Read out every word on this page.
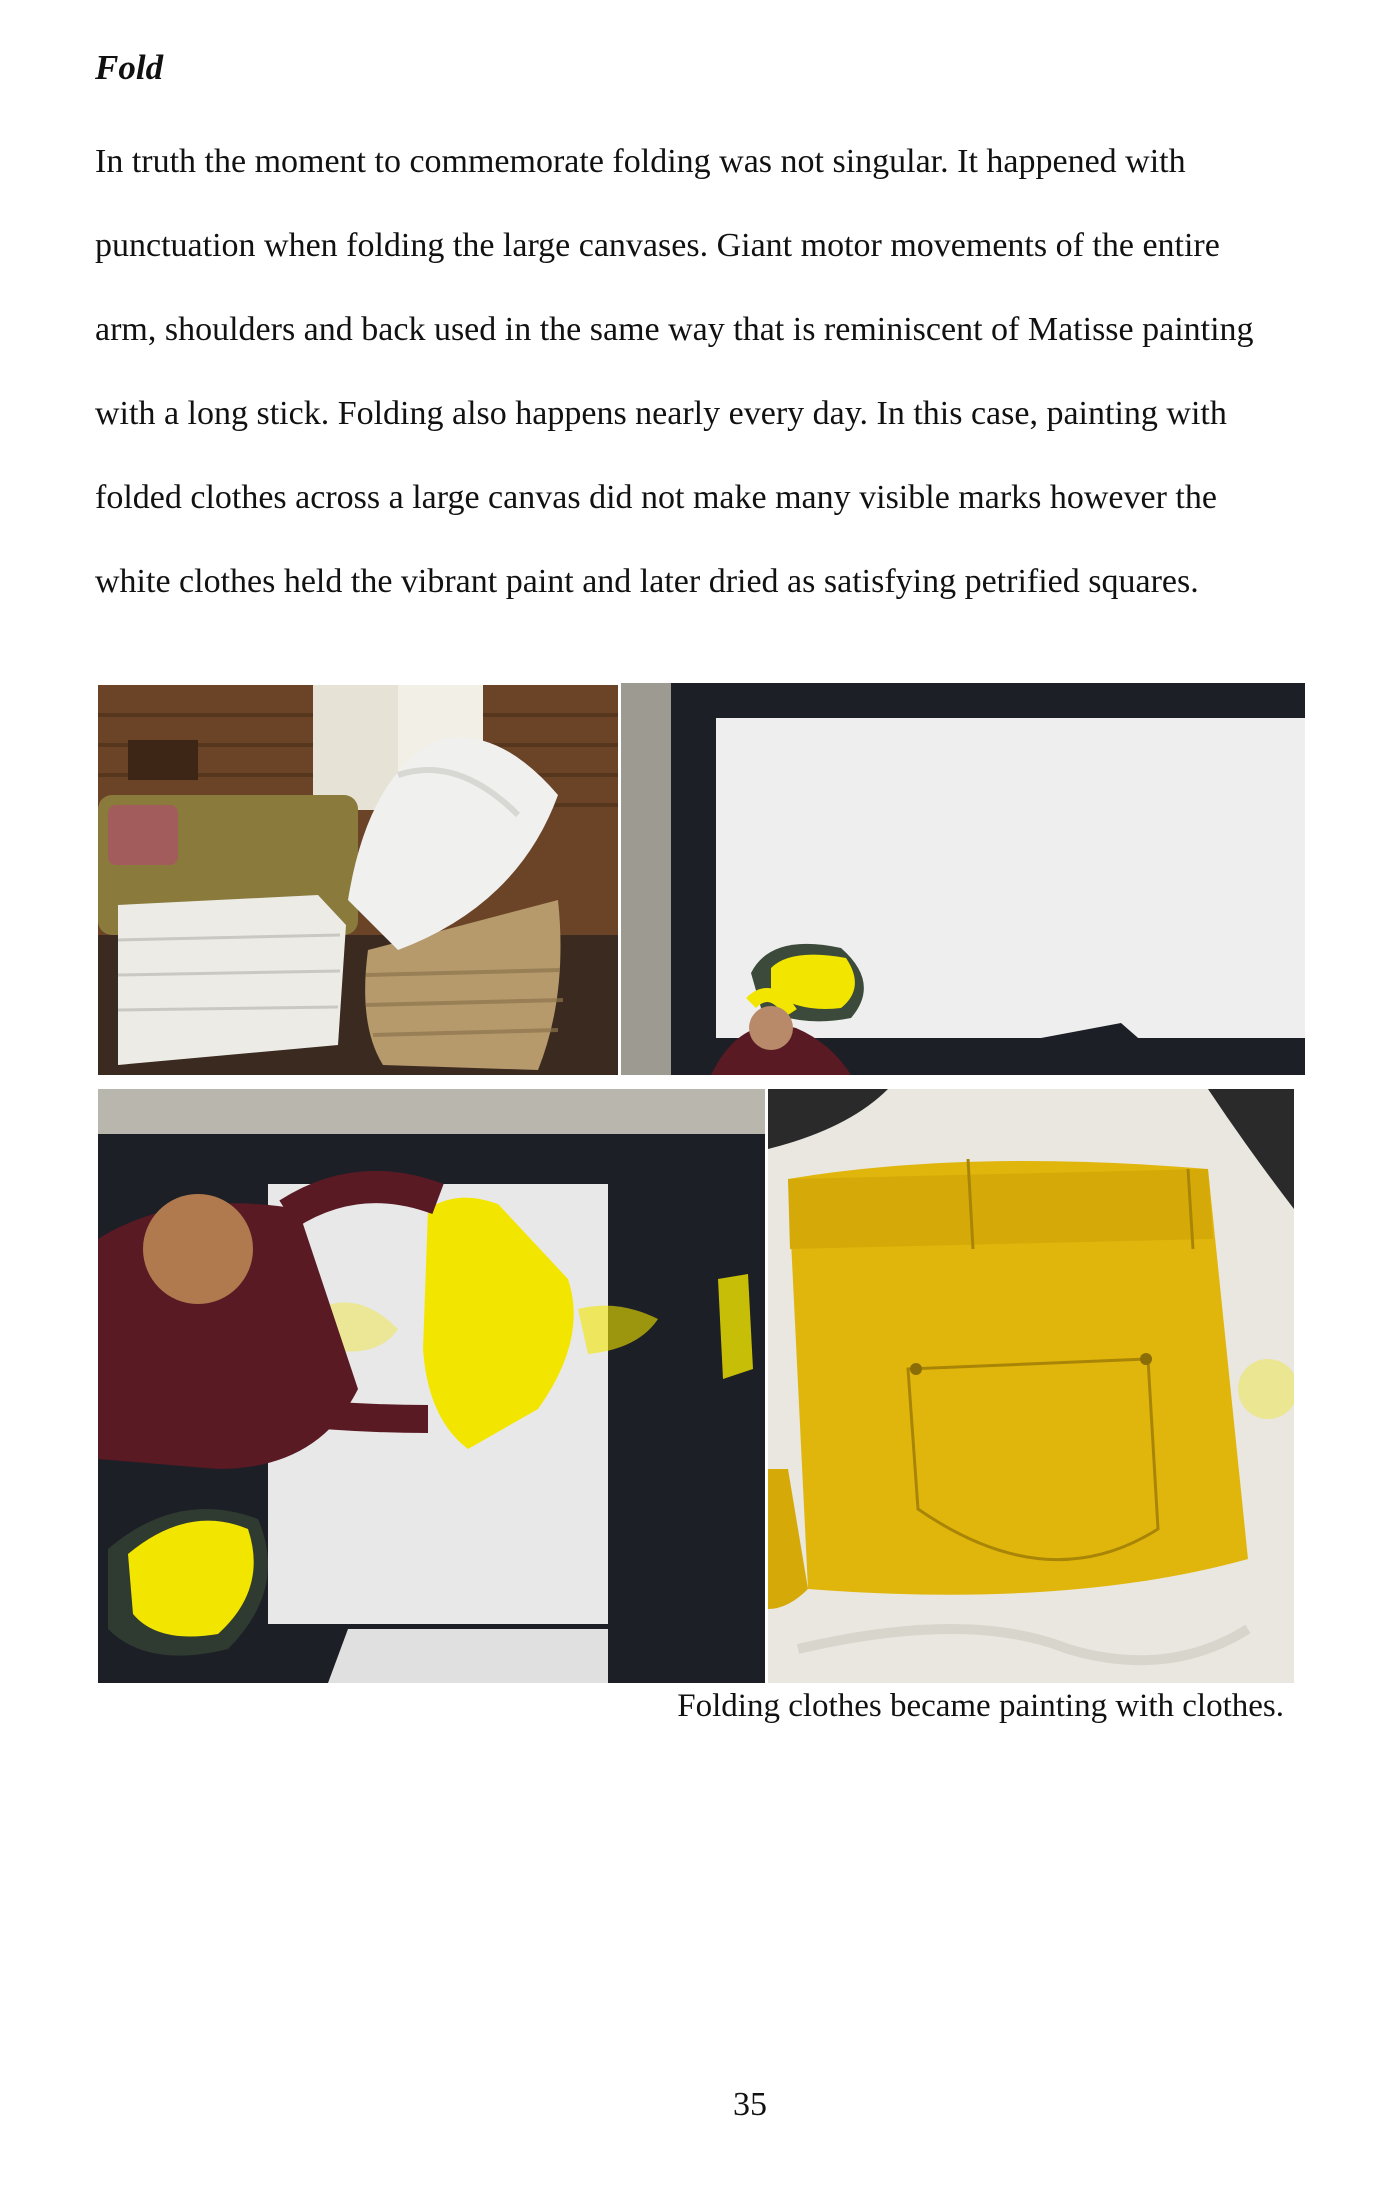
Fold
In truth the moment to commemorate folding was not singular. It happened with
punctuation when folding the large canvases. Giant motor movements of the entire
arm, shoulders and back used in the same way that is reminiscent of Matisse painting
with a long stick. Folding also happens nearly every day. In this case, painting with
folded clothes across a large canvas did not make many visible marks however the
white clothes held the vibrant paint and later dried as satisfying petrified squares.
Folding clothes became painting with clothes.
35
